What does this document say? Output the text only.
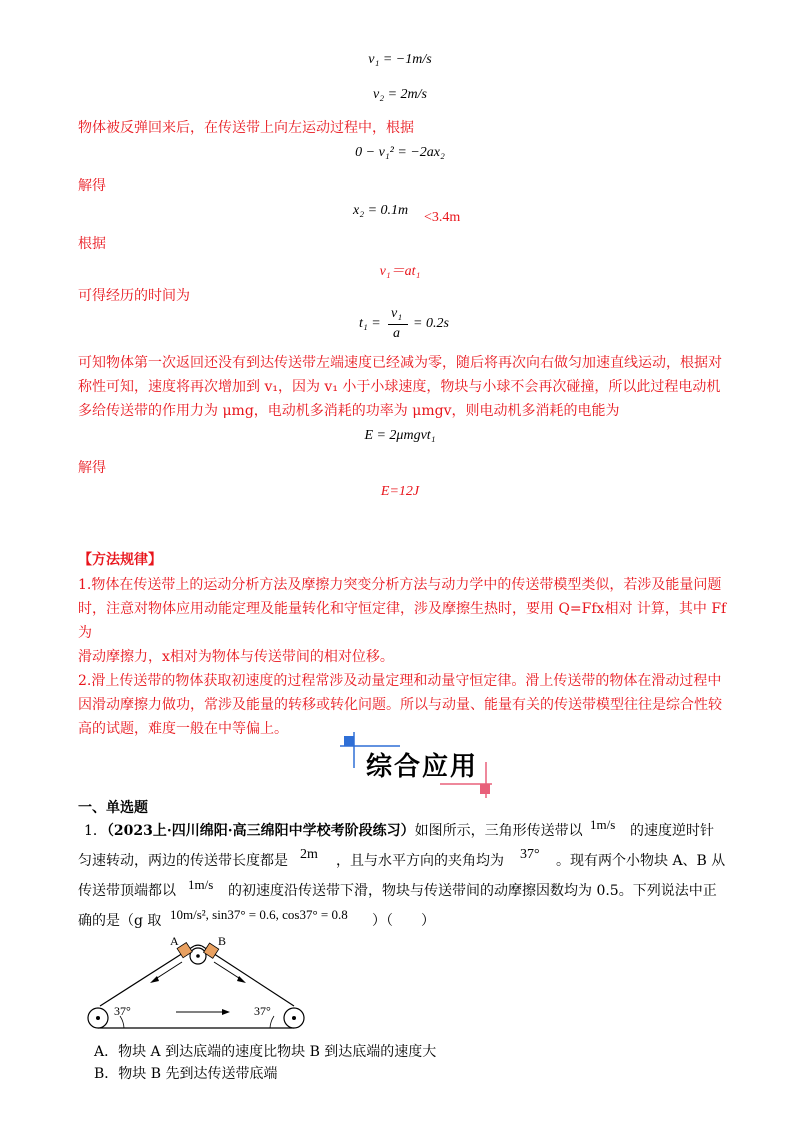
v₁ = −1m/s
v₂ = 2m/s
物体被反弹回来后，在传送带上向左运动过程中，根据
0 − v₁² = −2ax₂
解得
x₂ = 0.1m <3.4m
根据
v₁＝at₁
可得经历的时间为
t₁ =
v₁
a
= 0.2s
可知物体第一次返回还没有到达传送带左端速度已经减为零，随后将再次向右做匀加速直线运动，根据对
称性可知，速度将再次增加到 v₁，因为 v₁ 小于小球速度，物块与小球不会再次碰撞，所以此过程电动机
多给传送带的作用力为 μmg，电动机多消耗的功率为 μmgv，则电动机多消耗的电能为
E = 2μmgvt₁
解得
E=12J
【方法规律】
1.物体在传送带上的运动分析方法及摩擦力突变分析方法与动力学中的传送带模型类似，若涉及能量问题
时，注意对物体应用动能定理及能量转化和守恒定律，涉及摩擦生热时，要用 Q=Ffx相对 计算，其中 Ff为
滑动摩擦力，x相对为物体与传送带间的相对位移。
2.滑上传送带的物体获取初速度的过程常涉及动量定理和动量守恒定律。滑上传送带的物体在滑动过程中
因滑动摩擦力做功，常涉及能量的转移或转化问题。所以与动量、能量有关的传送带模型往往是综合性较
高的试题，难度一般在中等偏上。
综合应用
一、单选题
1．（2023上·四川绵阳·高三绵阳中学校考阶段练习）如图所示，三角形传送带以 1m/s 的速度逆时针
匀速转动，两边的传送带长度都是 2m ，且与水平方向的夹角均为 37° 。现有两个小物块 A、B 从
传送带顶端都以 1m/s 的初速度沿传送带下滑，物块与传送带间的动摩擦因数均为 0.5。下列说法中正
确的是（g 取 10m/s², sin37° = 0.6, cos37° = 0.8 ）（　　）
A	B
37°	37°
A．物块 A 到达底端的速度比物块 B 到达底端的速度大
B．物块 B 先到达传送带底端
